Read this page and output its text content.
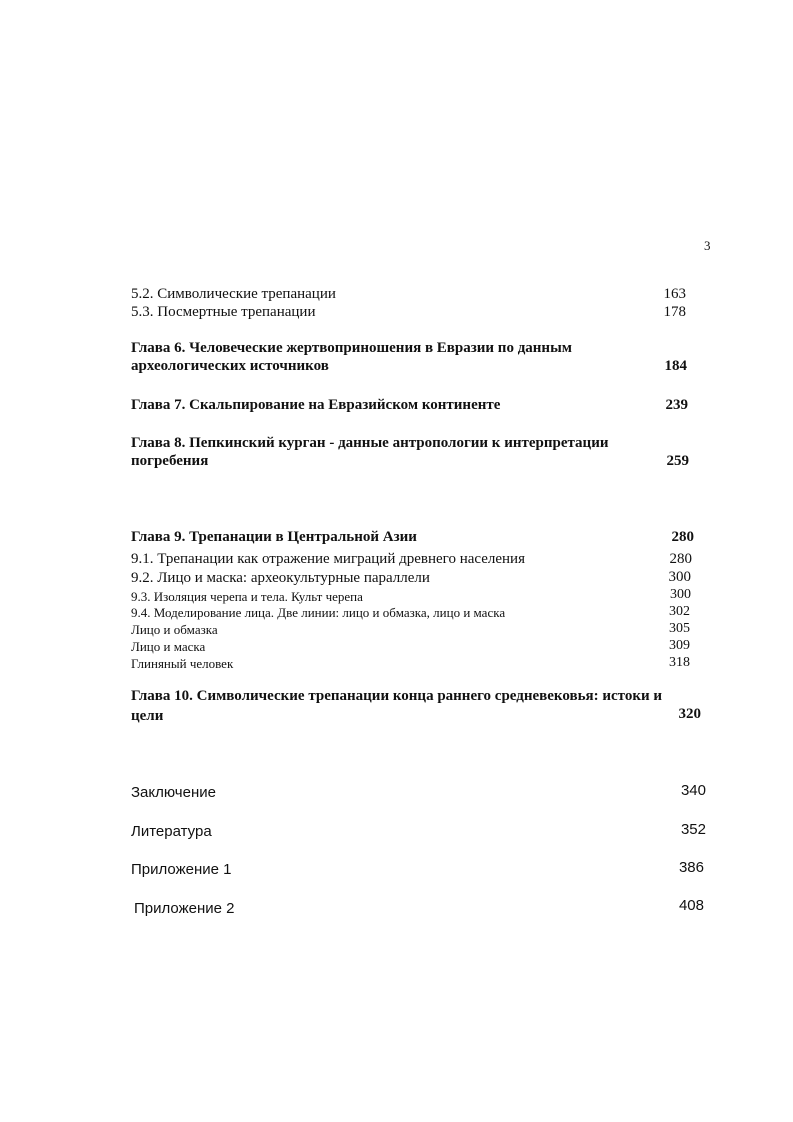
3
5.2. Символические трепанации	163
5.3. Посмертные трепанации	178
Глава 6. Человеческие жертвоприношения в Евразии по данным
археологических источников	184
Глава 7. Скальпирование на Евразийском континенте	239
Глава 8. Пепкинский курган - данные антропологии к интерпретации
погребения	259
Глава 9. Трепанации в Центральной Азии	280
9.1. Трепанации как отражение миграций древнего населения	280
9.2. Лицо и маска: археокультурные параллели	300
9.3. Изоляция черепа и тела. Культ черепа	300
9.4. Моделирование лица. Две линии: лицо и обмазка, лицо и маска	302
Лицо и обмазка	305
Лицо и маска	309
Глиняный человек	318
Глава 10. Символические трепанации конца раннего средневековья: истоки и
цели	320
Заключение	340
Литература	352
Приложение 1	386
Приложение 2	408
